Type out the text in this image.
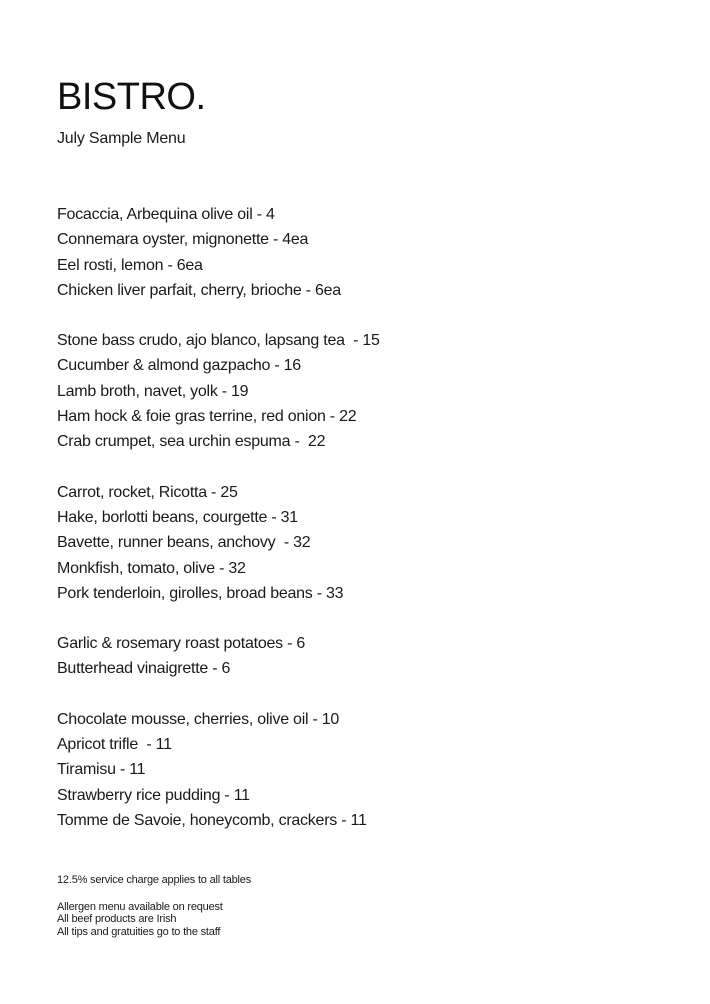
BISTRO.
July Sample Menu
Focaccia, Arbequina olive oil - 4
Connemara oyster, mignonette - 4ea
Eel rosti, lemon - 6ea
Chicken liver parfait, cherry, brioche - 6ea
Stone bass crudo, ajo blanco, lapsang tea  - 15
Cucumber & almond gazpacho - 16
Lamb broth, navet, yolk - 19
Ham hock & foie gras terrine, red onion - 22
Crab crumpet, sea urchin espuma -  22
Carrot, rocket, Ricotta - 25
Hake, borlotti beans, courgette - 31
Bavette, runner beans, anchovy  - 32
Monkfish, tomato, olive - 32
Pork tenderloin, girolles, broad beans - 33
Garlic & rosemary roast potatoes - 6
Butterhead vinaigrette - 6
Chocolate mousse, cherries, olive oil - 10
Apricot trifle  - 11
Tiramisu - 11
Strawberry rice pudding - 11
Tomme de Savoie, honeycomb, crackers - 11
12.5% service charge applies to all tables
Allergen menu available on request
All beef products are Irish
All tips and gratuities go to the staff
